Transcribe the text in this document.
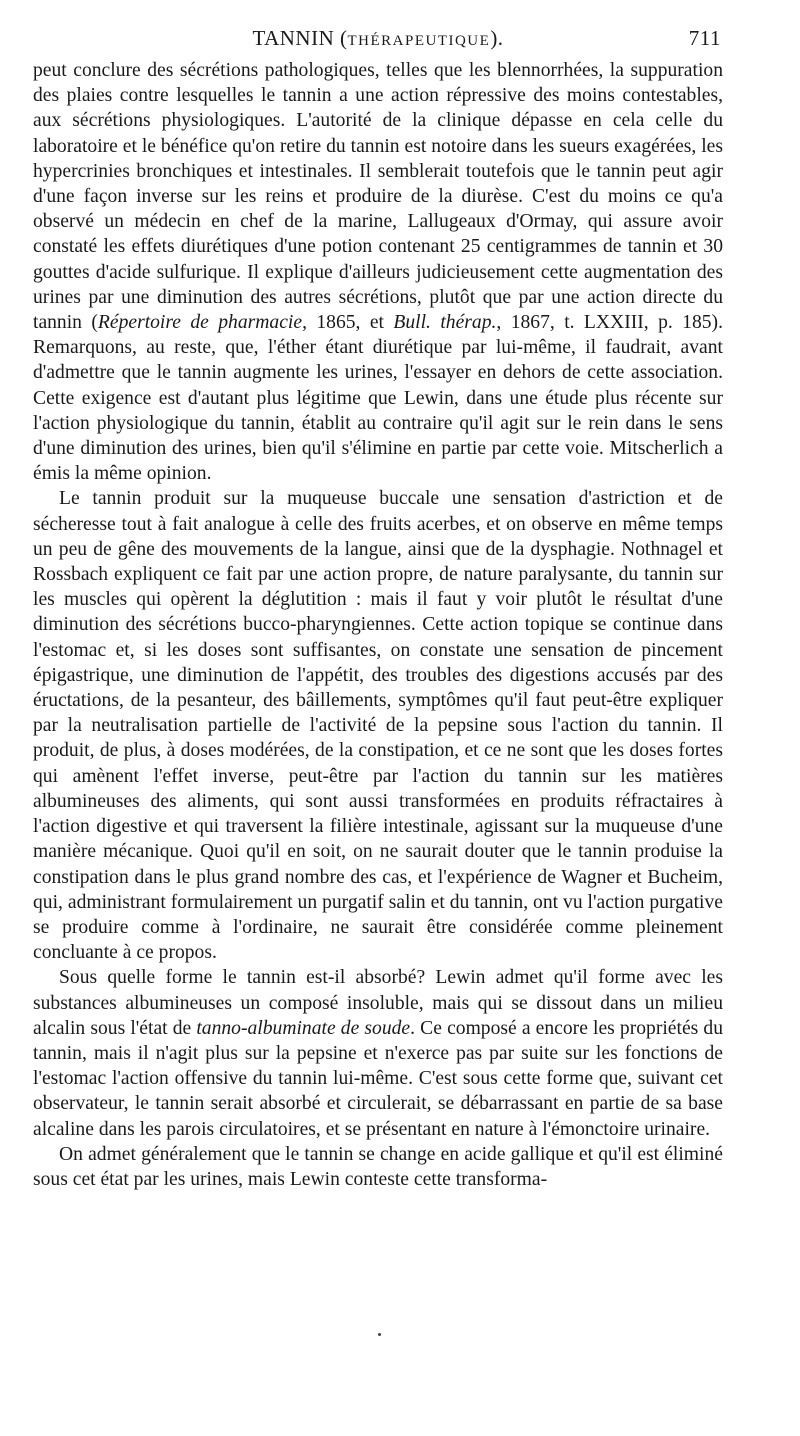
TANNIN (THÉRAPEUTIQUE).	711

peut conclure des sécrétions pathologiques, telles que les blennorrhées, la suppuration des plaies contre lesquelles le tannin a une action répressive des moins contestables, aux sécrétions physiologiques. L'autorité de la clinique dépasse en cela celle du laboratoire et le bénéfice qu'on retire du tannin est notoire dans les sueurs exagérées, les hypercrinies bronchiques et intestinales. Il semblerait toutefois que le tannin peut agir d'une façon inverse sur les reins et produire de la diurèse. C'est du moins ce qu'a observé un médecin en chef de la marine, Lallugeaux d'Ormay, qui assure avoir constaté les effets diurétiques d'une potion contenant 25 centigrammes de tannin et 30 gouttes d'acide sulfurique. Il explique d'ailleurs judicieusement cette augmentation des urines par une diminution des autres sécrétions, plutôt que par une action directe du tannin (Répertoire de pharmacie, 1865, et Bull. thérap., 1867, t. LXXIII, p. 185). Remarquons, au reste, que, l'éther étant diurétique par lui-même, il faudrait, avant d'admettre que le tannin augmente les urines, l'essayer en dehors de cette association. Cette exigence est d'autant plus légitime que Lewin, dans une étude plus récente sur l'action physiologique du tannin, établit au contraire qu'il agit sur le rein dans le sens d'une diminution des urines, bien qu'il s'élimine en partie par cette voie. Mitscherlich a émis la même opinion.

Le tannin produit sur la muqueuse buccale une sensation d'astriction et de sécheresse tout à fait analogue à celle des fruits acerbes, et on observe en même temps un peu de gêne des mouvements de la langue, ainsi que de la dysphagie. Nothnagel et Rossbach expliquent ce fait par une action propre, de nature paralysante, du tannin sur les muscles qui opèrent la déglutition : mais il faut y voir plutôt le résultat d'une diminution des sécrétions bucco-pharyngiennes. Cette action topique se continue dans l'estomac et, si les doses sont suffisantes, on constate une sensation de pincement épigastrique, une diminution de l'appétit, des troubles des digestions accusés par des éructations, de la pesanteur, des bâillements, symptômes qu'il faut peut-être expliquer par la neutralisation partielle de l'activité de la pepsine sous l'action du tannin. Il produit, de plus, à doses modérées, de la constipation, et ce ne sont que les doses fortes qui amènent l'effet inverse, peut-être par l'action du tannin sur les matières albumineuses des aliments, qui sont aussi transformées en produits réfractaires à l'action digestive et qui traversent la filière intestinale, agissant sur la muqueuse d'une manière mécanique. Quoi qu'il en soit, on ne saurait douter que le tannin produise la constipation dans le plus grand nombre des cas, et l'expérience de Wagner et Bucheim, qui, administrant formulairement un purgatif salin et du tannin, ont vu l'action purgative se produire comme à l'ordinaire, ne saurait être considérée comme pleinement concluante à ce propos.

Sous quelle forme le tannin est-il absorbé? Lewin admet qu'il forme avec les substances albumineuses un composé insoluble, mais qui se dissout dans un milieu alcalin sous l'état de tanno-albuminate de soude. Ce composé a encore les propriétés du tannin, mais il n'agit plus sur la pepsine et n'exerce pas par suite sur les fonctions de l'estomac l'action offensive du tannin lui-même. C'est sous cette forme que, suivant cet observateur, le tannin serait absorbé et circulerait, se débarrassant en partie de sa base alcaline dans les parois circulatoires, et se présentant en nature à l'émonctoire urinaire.

On admet généralement que le tannin se change en acide gallique et qu'il est éliminé sous cet état par les urines, mais Lewin conteste cette transforma-
